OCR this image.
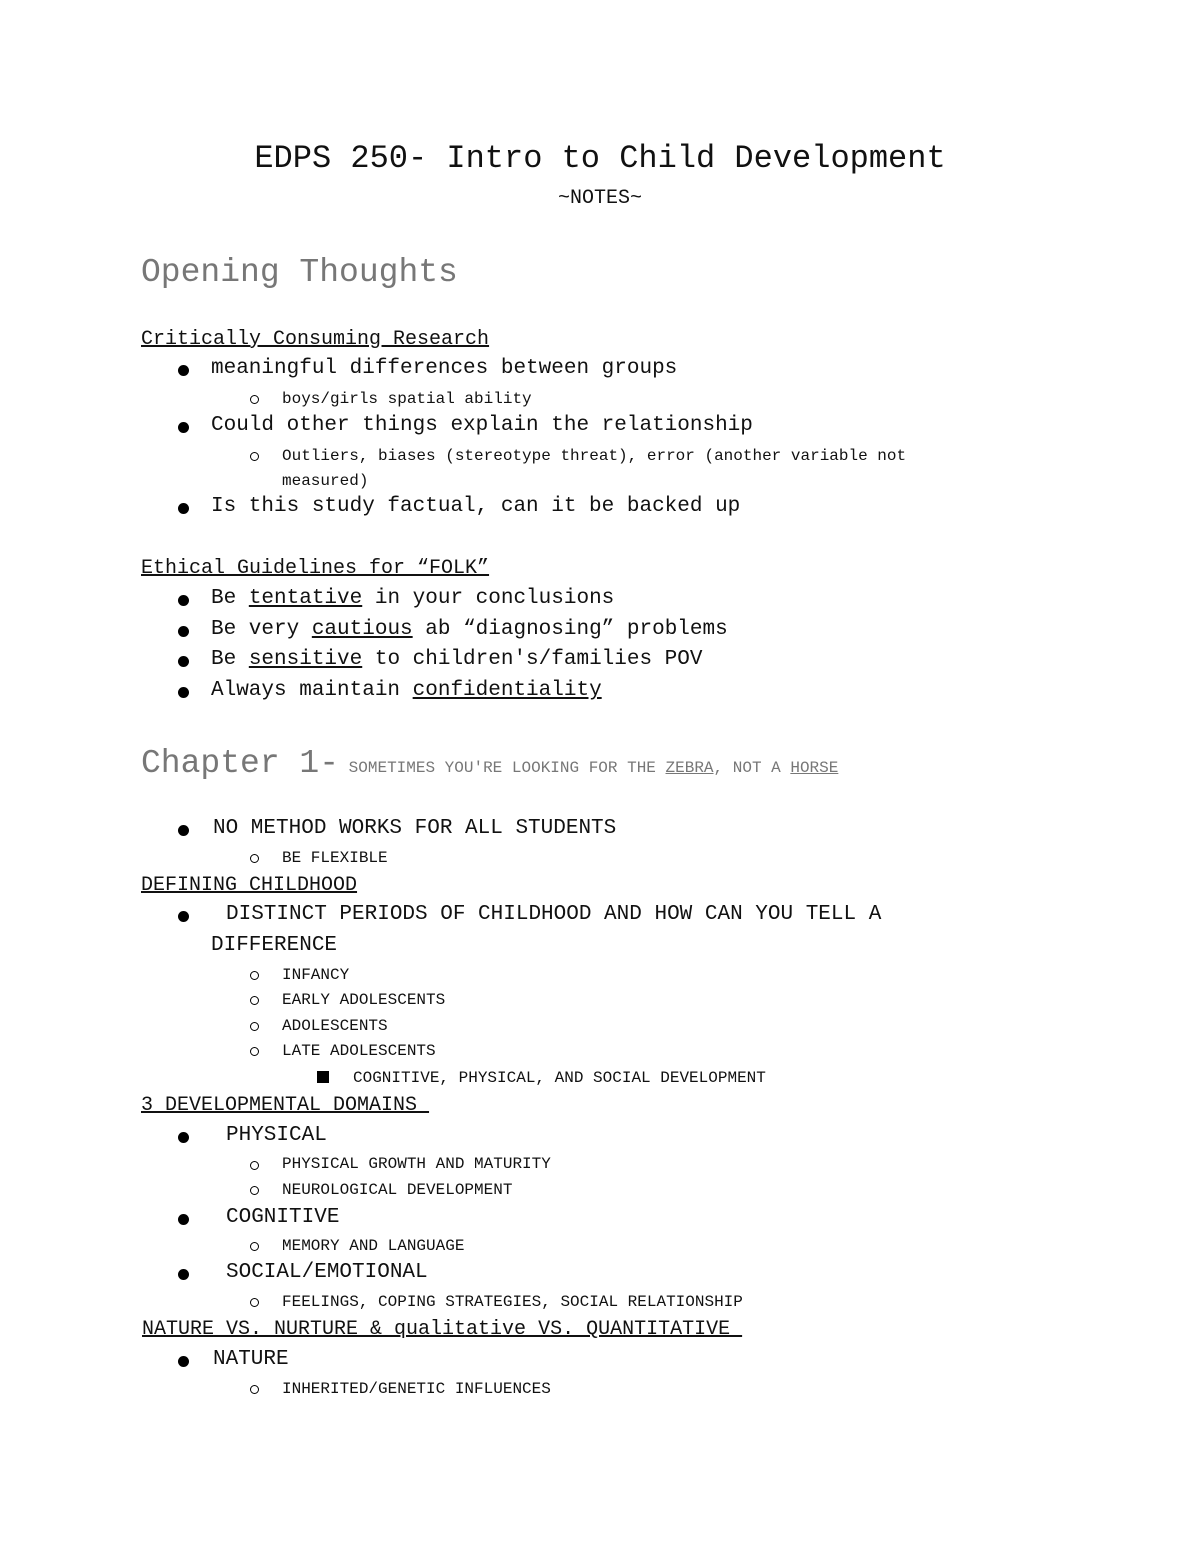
EDPS 250- Intro to Child Development
~NOTES~
Opening Thoughts
Critically Consuming Research
meaningful differences between groups
boys/girls spatial ability
Could other things explain the relationship
Outliers, biases (stereotype threat), error (another variable not
measured)
Is this study factual, can it be backed up
Ethical Guidelines for “FOLK”
Be tentative in your conclusions
Be very cautious ab “diagnosing” problems
Be sensitive to children's/families POV
Always maintain confidentiality
Chapter 1- SOMETIMES YOU'RE LOOKING FOR THE ZEBRA, NOT A HORSE
NO METHOD WORKS FOR ALL STUDENTS
BE FLEXIBLE
DEFINING CHILDHOOD
DISTINCT PERIODS OF CHILDHOOD AND HOW CAN YOU TELL A
DIFFERENCE
INFANCY
EARLY ADOLESCENTS
ADOLESCENTS
LATE ADOLESCENTS
COGNITIVE, PHYSICAL, AND SOCIAL DEVELOPMENT
3 DEVELOPMENTAL DOMAINS
PHYSICAL
PHYSICAL GROWTH AND MATURITY
NEUROLOGICAL DEVELOPMENT
COGNITIVE
MEMORY AND LANGUAGE
SOCIAL/EMOTIONAL
FEELINGS, COPING STRATEGIES, SOCIAL RELATIONSHIP
NATURE VS. NURTURE & qualitative VS. QUANTITATIVE
NATURE
INHERITED/GENETIC INFLUENCES
